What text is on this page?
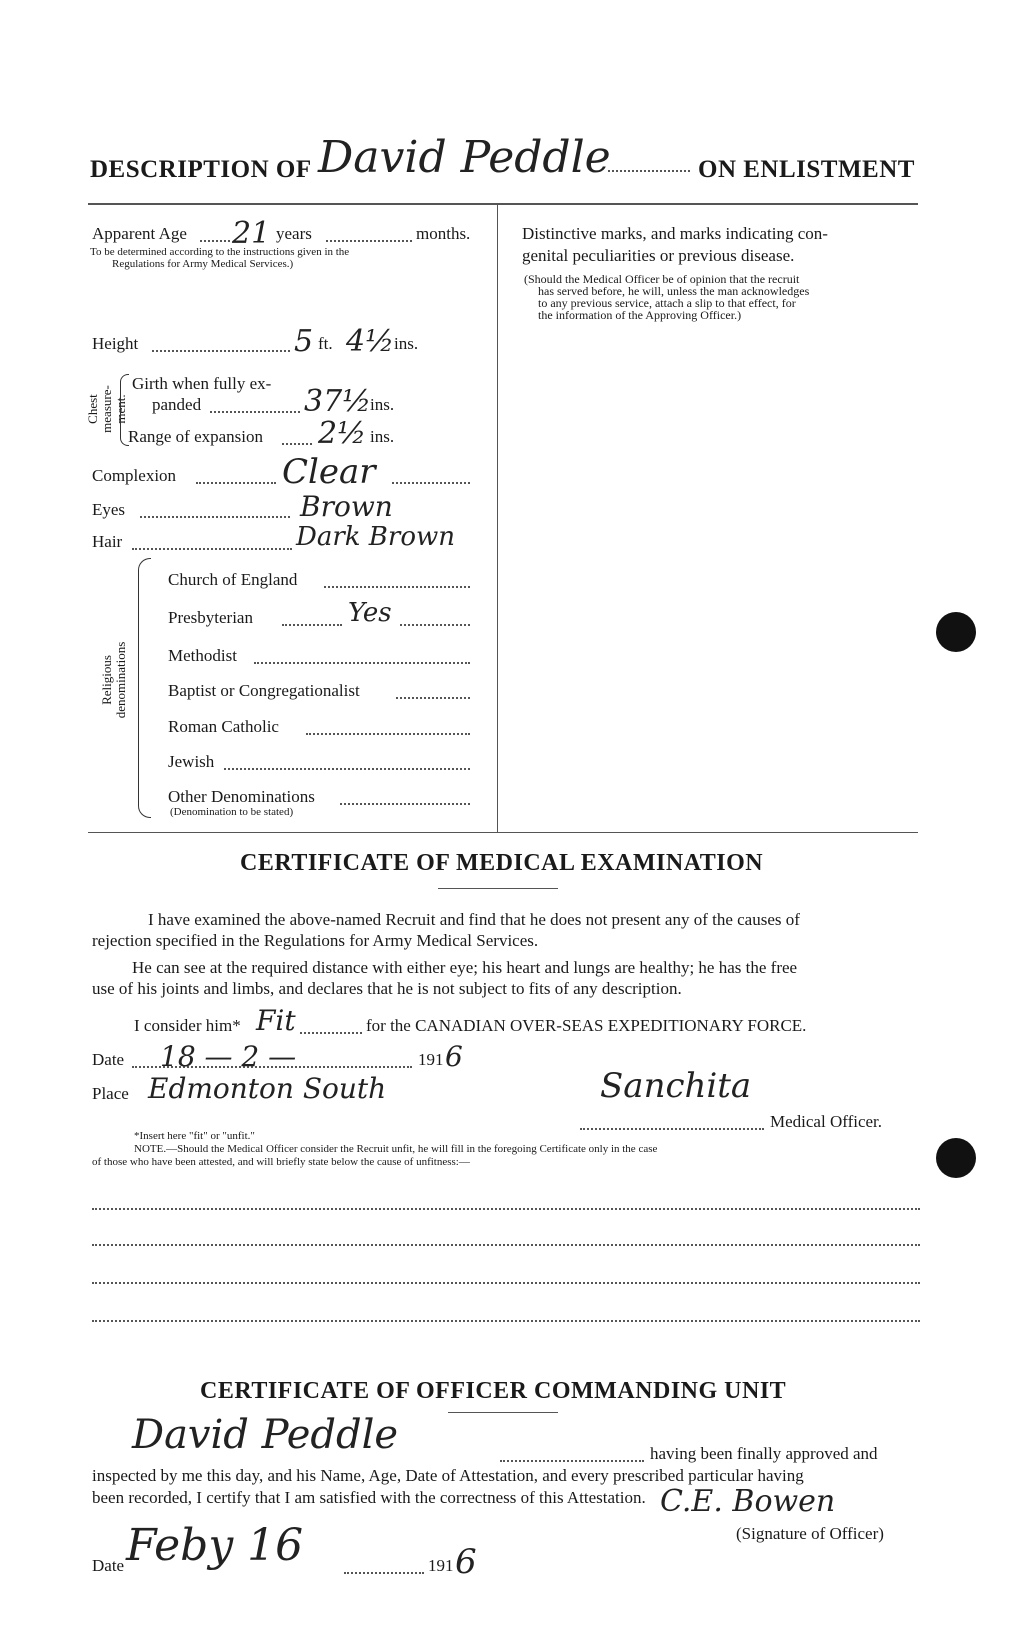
DESCRIPTION OF David Peddle	ON ENLISTMENT
Apparent Age 21 years	months.
To be determined according to the instructions given in the
Regulations for Army Medical Services.)
Height	5 ft. 4½ ins.
Chest measure- ment.
Girth when fully ex-
panded	37½
ins.
Range of expansion 2½ ins.
Complexion	Clear
Eyes	Brown
Hair	Dark Brown
Religious denominations
Church of England
Presbyterian	Yes
Methodist
Baptist or Congregationalist
Roman Catholic
Jewish
Other Denominations
(Denomination to be stated)
Distinctive marks, and marks indicating con-
genital peculiarities or previous disease.
(Should the Medical Officer be of opinion that the recruit
has served before, he will, unless the man acknowledges
to any previous service, attach a slip to that effect, for
the information of the Approving Officer.)
CERTIFICATE OF MEDICAL EXAMINATION
I have examined the above-named Recruit and find that he does not present any of the causes of
rejection specified in the Regulations for Army Medical Services.
He can see at the required distance with either eye; his heart and lungs are healthy; he has the free
use of his joints and limbs, and declares that he is not subject to fits of any description.
I consider him* Fit	for the CANADIAN OVER-SEAS EXPEDITIONARY FORCE.
Date 18 — 2 —	191 6
Place Edmonton South	Sanchita
Medical Officer.
*Insert here "fit" or "unfit."
NOTE.—Should the Medical Officer consider the Recruit unfit, he will fill in the foregoing Certificate only in the case
of those who have been attested, and will briefly state below the cause of unfitness:—
CERTIFICATE OF OFFICER COMMANDING UNIT
David Peddle	having been finally approved and
inspected by me this day, and his Name, Age, Date of Attestation, and every prescribed particular having
been recorded, I certify that I am satisfied with the correctness of this Attestation. C.E. Bowen
(Signature of Officer)
Date Feby 16	191 6
